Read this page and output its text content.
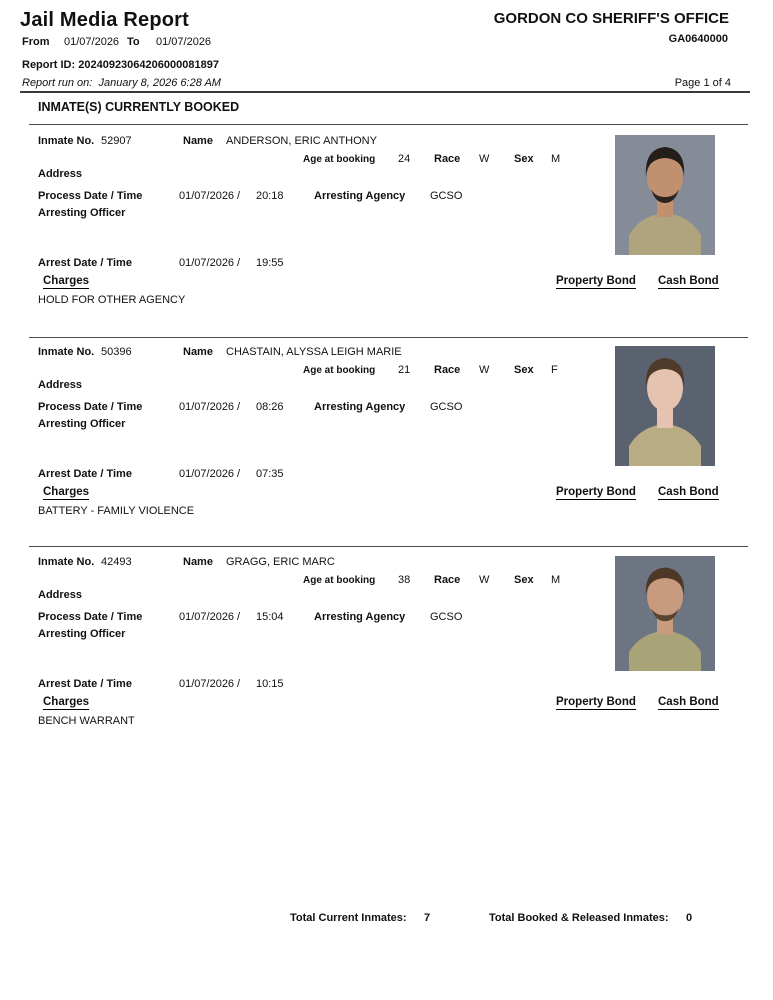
Jail Media Report
From 01/07/2026 To 01/07/2026
Report ID: 20240923064206000081897
Report run on: January 8, 2026 6:28 AM
GORDON CO SHERIFF'S OFFICE
GA0640000
Page 1 of 4
INMATE(S) CURRENTLY BOOKED
Inmate No. 52907	Name ANDERSON, ERIC ANTHONY
Age at booking 24 Race W Sex M
Address
Process Date / Time	01/07/2026 / 20:18	Arresting Agency GCSO
Arresting Officer
Arrest Date / Time	01/07/2026 / 19:55
Charges	Property Bond Cash Bond
HOLD FOR OTHER AGENCY
Inmate No. 50396	Name CHASTAIN, ALYSSA LEIGH MARIE
Age at booking 21 Race W Sex F
Address
Process Date / Time	01/07/2026 / 08:26	Arresting Agency GCSO
Arresting Officer
Arrest Date / Time	01/07/2026 / 07:35
Charges	Property Bond Cash Bond
BATTERY - FAMILY VIOLENCE
Inmate No. 42493	Name GRAGG, ERIC MARC
Age at booking 38 Race W Sex M
Address
Process Date / Time	01/07/2026 / 15:04	Arresting Agency GCSO
Arresting Officer
Arrest Date / Time	01/07/2026 / 10:15
Charges	Property Bond Cash Bond
BENCH WARRANT
Total Current Inmates: 7	Total Booked & Released Inmates: 0
